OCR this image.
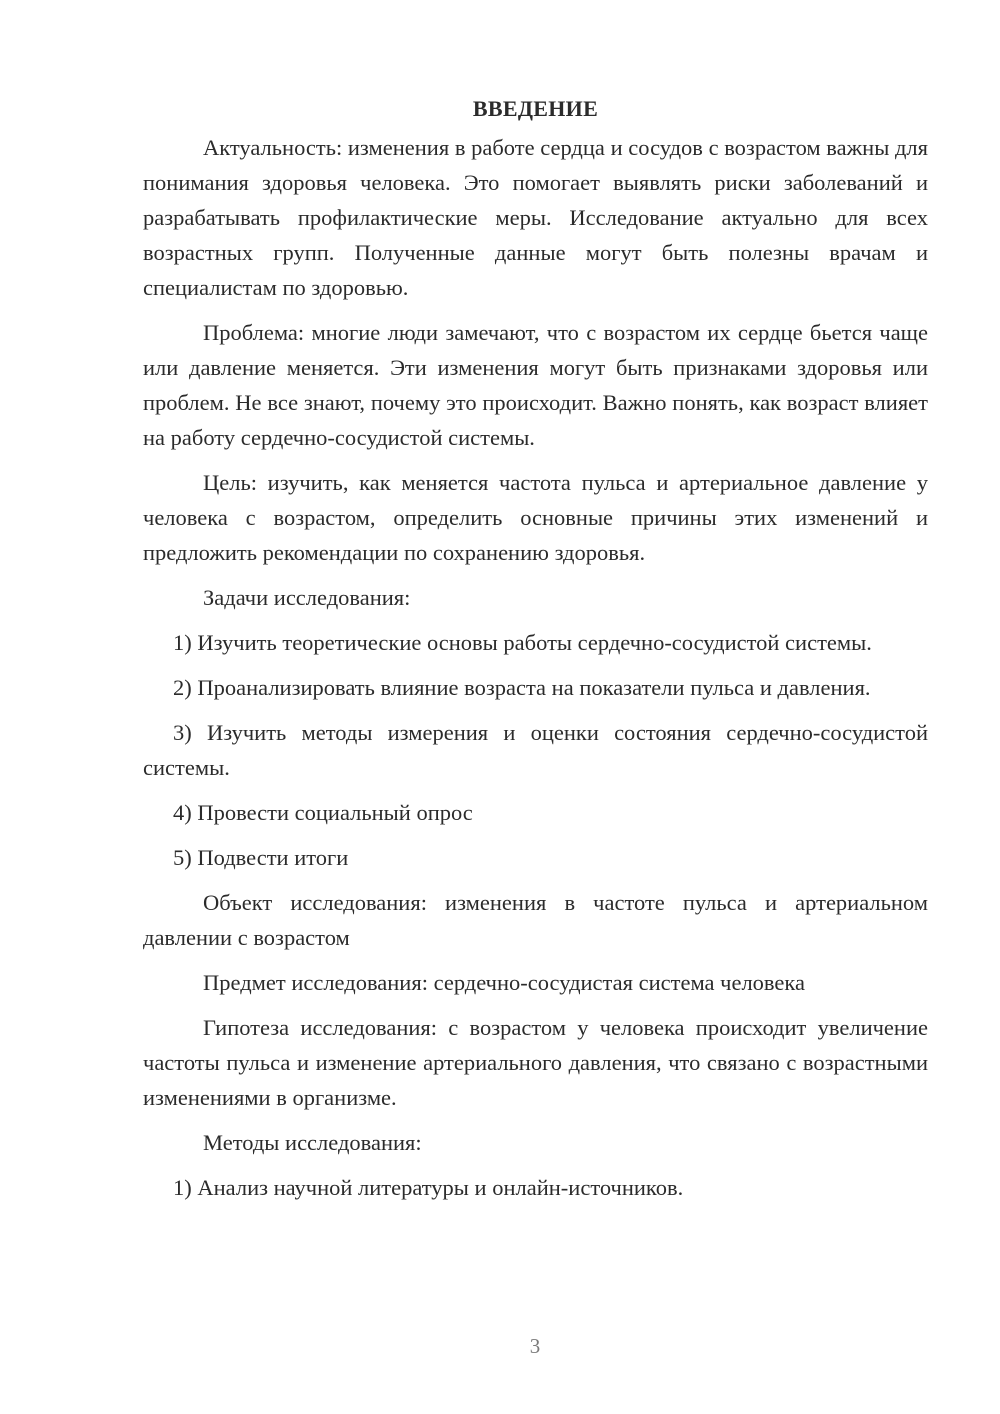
ВВЕДЕНИЕ
Актуальность: изменения в работе сердца и сосудов с возрастом важны для понимания здоровья человека. Это помогает выявлять риски заболеваний и разрабатывать профилактические меры. Исследование актуально для всех возрастных групп. Полученные данные могут быть полезны врачам и специалистам по здоровью.
Проблема: многие люди замечают, что с возрастом их сердце бьется чаще или давление меняется. Эти изменения могут быть признаками здоровья или проблем. Не все знают, почему это происходит. Важно понять, как возраст влияет на работу сердечно-сосудистой системы.
Цель: изучить, как меняется частота пульса и артериальное давление у человека с возрастом, определить основные причины этих изменений и предложить рекомендации по сохранению здоровья.
Задачи исследования:
1) Изучить теоретические основы работы сердечно-сосудистой системы.
2) Проанализировать влияние возраста на показатели пульса и давления.
3) Изучить методы измерения и оценки состояния сердечно-сосудистой системы.
4) Провести социальный опрос
5) Подвести итоги
Объект исследования: изменения в частоте пульса и артериальном давлении с возрастом
Предмет исследования: сердечно-сосудистая система человека
Гипотеза исследования: с возрастом у человека происходит увеличение частоты пульса и изменение артериального давления, что связано с возрастными изменениями в организме.
Методы исследования:
1) Анализ научной литературы и онлайн-источников.
3
